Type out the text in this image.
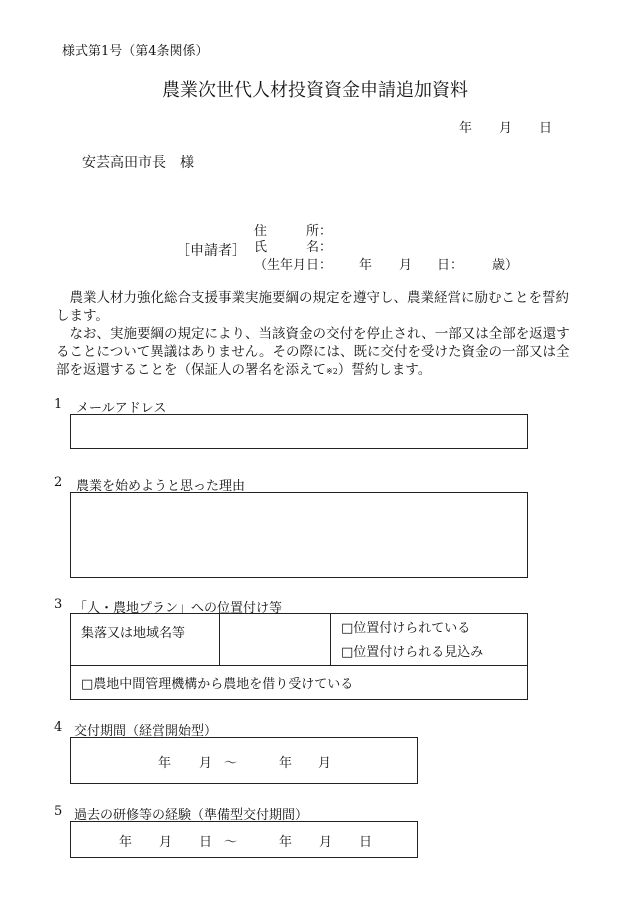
様式第1号（第4条関係）
農業次世代人材投資資金申請追加資料
年 月 日
安芸高田市長　様
［申請者］
住　　　所：
氏　　　名：
（生年月日： 年 月 日： 歳）

農業人材力強化総合支援事業実施要綱の規定を遵守し、農業経営に励むことを誓約します。

なお、実施要綱の規定により、当該資金の交付を停止され、一部又は全部を返還することについて異議はありません。その際には、既に交付を受けた資金の一部又は全部を返還することを（保証人の署名を添えて※2）誓約します。

1 メールアドレス
2 農業を始めようと思った理由
3 「人・農地プラン」への位置付け等
集落又は地域名等		□位置付けられている
□位置付けられる見込み

□農地中間管理機構から農地を借り受けている
4 交付期間（経営開始型）
年 月 〜	年 月
5 過去の研修等の経験（準備型交付期間）
年 月 日 〜	年 月 日
